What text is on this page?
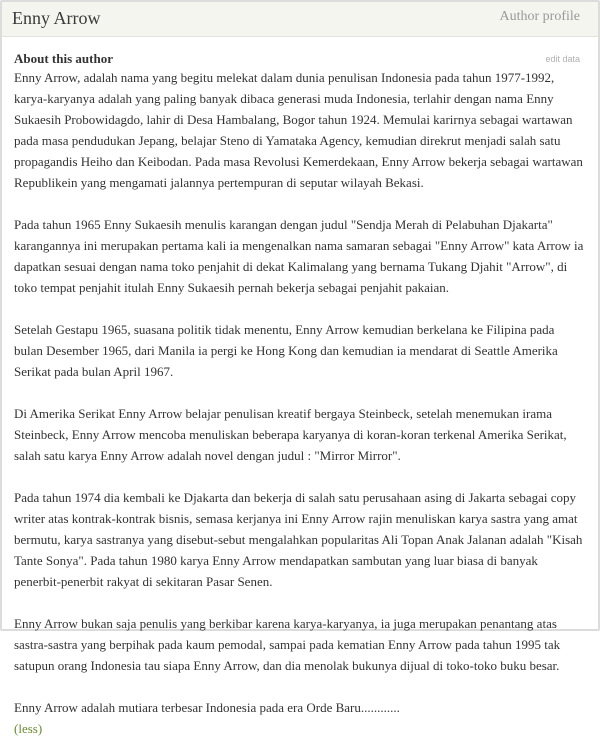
Enny Arrow	Author profile
About this author	edit data

Enny Arrow, adalah nama yang begitu melekat dalam dunia penulisan Indonesia pada tahun 1977-1992, karya-karyanya adalah yang paling banyak dibaca generasi muda Indonesia, terlahir dengan nama Enny Sukaesih Probowidagdo, lahir di Desa Hambalang, Bogor tahun 1924. Memulai karirnya sebagai wartawan pada masa pendudukan Jepang, belajar Steno di Yamataka Agency, kemudian direkrut menjadi salah satu propagandis Heiho dan Keibodan. Pada masa Revolusi Kemerdekaan, Enny Arrow bekerja sebagai wartawan Republikein yang mengamati jalannya pertempuran di seputar wilayah Bekasi.

Pada tahun 1965 Enny Sukaesih menulis karangan dengan judul "Sendja Merah di Pelabuhan Djakarta" karangannya ini merupakan pertama kali ia mengenalkan nama samaran sebagai "Enny Arrow" kata Arrow ia dapatkan sesuai dengan nama toko penjahit di dekat Kalimalang yang bernama Tukang Djahit "Arrow", di toko tempat penjahit itulah Enny Sukaesih pernah bekerja sebagai penjahit pakaian.

Setelah Gestapu 1965, suasana politik tidak menentu, Enny Arrow kemudian berkelana ke Filipina pada bulan Desember 1965, dari Manila ia pergi ke Hong Kong dan kemudian ia mendarat di Seattle Amerika Serikat pada bulan April 1967.

Di Amerika Serikat Enny Arrow belajar penulisan kreatif bergaya Steinbeck, setelah menemukan irama Steinbeck, Enny Arrow mencoba menuliskan beberapa karyanya di koran-koran terkenal Amerika Serikat, salah satu karya Enny Arrow adalah novel dengan judul : "Mirror Mirror".

Pada tahun 1974 dia kembali ke Djakarta dan bekerja di salah satu perusahaan asing di Jakarta sebagai copy writer atas kontrak-kontrak bisnis, semasa kerjanya ini Enny Arrow rajin menuliskan karya sastra yang amat bermutu, karya sastranya yang disebut-sebut mengalahkan popularitas Ali Topan Anak Jalanan adalah "Kisah Tante Sonya". Pada tahun 1980 karya Enny Arrow mendapatkan sambutan yang luar biasa di banyak penerbit-penerbit rakyat di sekitaran Pasar Senen.

Enny Arrow bukan saja penulis yang berkibar karena karya-karyanya, ia juga merupakan penantang atas sastra-sastra yang berpihak pada kaum pemodal, sampai pada kematian Enny Arrow pada tahun 1995 tak satupun orang Indonesia tau siapa Enny Arrow, dan dia menolak bukunya dijual di toko-toko buku besar.

Enny Arrow adalah mutiara terbesar Indonesia pada era Orde Baru............

(less)
